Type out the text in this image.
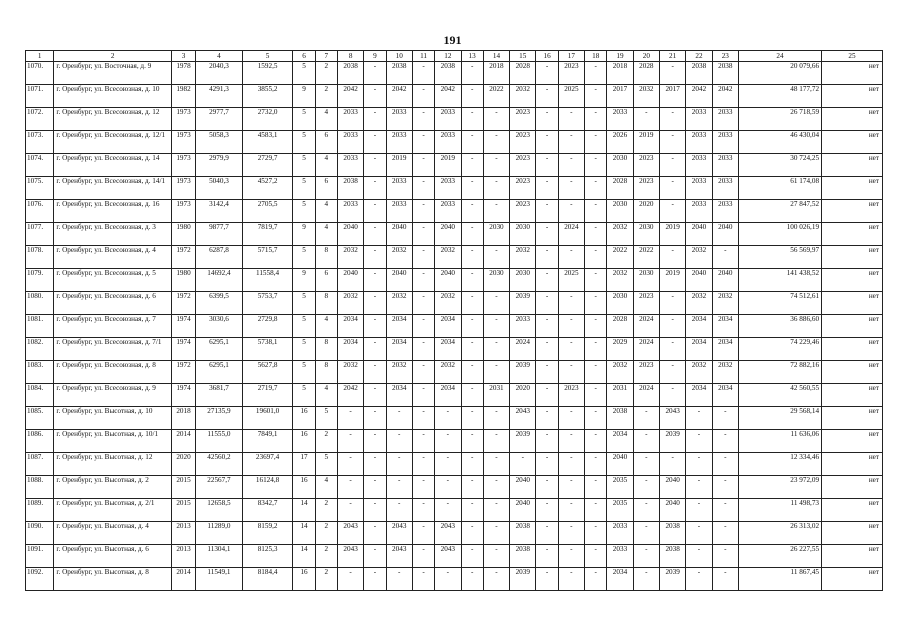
191
1	2	3	4	5	6	7	8	9	10	11	12	13	14	15	16	17	18	19	20	21	22	23	24	25
1070.	г. Оренбург, ул. Восточная, д. 9	1978	2040,3	1592,5	5	2	2038	-	2038	-	2038	-	2018	2028	-	2023	-	2018	2028	-	2038	2038	20 079,66	нет
1071.	г. Оренбург, ул. Всесоюзная, д. 10	1982	4291,3	3855,2	9	2	2042	-	2042	-	2042	-	2022	2032	-	2025	-	2017	2032	2017	2042	2042	48 177,72	нет
1072.	г. Оренбург, ул. Всесоюзная, д. 12	1973	2977,7	2732,0	5	4	2033	-	2033	-	2033	-	-	2023	-	-	-	2033	-	-	2033	2033	26 718,59	нет
1073.	г. Оренбург, ул. Всесоюзная, д. 12/1	1973	5058,3	4583,1	5	6	2033	-	2033	-	2033	-	-	2023	-	-	-	2026	2019	-	2033	2033	46 430,04	нет
1074.	г. Оренбург, ул. Всесоюзная, д. 14	1973	2979,9	2729,7	5	4	2033	-	2019	-	2019	-	-	2023	-	-	-	2030	2023	-	2033	2033	30 724,25	нет
1075.	г. Оренбург, ул. Всесоюзная, д. 14/1	1973	5040,3	4527,2	5	6	2038	-	2033	-	2033	-	-	2023	-	-	-	2028	2023	-	2033	2033	61 174,08	нет
1076.	г. Оренбург, ул. Всесоюзная, д. 16	1973	3142,4	2705,5	5	4	2033	-	2033	-	2033	-	-	2023	-	-	-	2030	2020	-	2033	2033	27 847,52	нет
1077.	г. Оренбург, ул. Всесоюзная, д. 3	1980	9877,7	7819,7	9	4	2040	-	2040	-	2040	-	2030	2030	-	2024	-	2032	2030	2019	2040	2040	100 026,19	нет
1078.	г. Оренбург, ул. Всесоюзная, д. 4	1972	6287,8	5715,7	5	8	2032	-	2032	-	2032	-	-	2032	-	-	-	2022	2022	-	2032	-	56 569,97	нет
1079.	г. Оренбург, ул. Всесоюзная, д. 5	1980	14692,4	11558,4	9	6	2040	-	2040	-	2040	-	2030	2030	-	2025	-	2032	2030	2019	2040	2040	141 438,52	нет
1080.	г. Оренбург, ул. Всесоюзная, д. 6	1972	6399,5	5753,7	5	8	2032	-	2032	-	2032	-	-	2039	-	-	-	2030	2023	-	2032	2032	74 512,61	нет
1081.	г. Оренбург, ул. Всесоюзная, д. 7	1974	3030,6	2729,8	5	4	2034	-	2034	-	2034	-	-	2033	-	-	-	2028	2024	-	2034	2034	36 886,60	нет
1082.	г. Оренбург, ул. Всесоюзная, д. 7/1	1974	6295,1	5738,1	5	8	2034	-	2034	-	2034	-	-	2024	-	-	-	2029	2024	-	2034	2034	74 229,46	нет
1083.	г. Оренбург, ул. Всесоюзная, д. 8	1972	6295,1	5627,8	5	8	2032	-	2032	-	2032	-	-	2039	-	-	-	2032	2023	-	2032	2032	72 882,16	нет
1084.	г. Оренбург, ул. Всесоюзная, д. 9	1974	3681,7	2719,7	5	4	2042	-	2034	-	2034	-	2031	2020	-	2023	-	2031	2024	-	2034	2034	42 560,55	нет
1085.	г. Оренбург, ул. Высотная, д. 10	2018	27135,9	19601,0	16	5	-	-	-	-	-	-	-	2043	-	-	-	2038	-	2043	-	-	29 568,14	нет
1086.	г. Оренбург, ул. Высотная, д. 10/1	2014	11555,0	7849,1	16	2	-	-	-	-	-	-	-	2039	-	-	-	2034	-	2039	-	-	11 636,06	нет
1087.	г. Оренбург, ул. Высотная, д. 12	2020	42560,2	23697,4	17	5	-	-	-	-	-	-	-	-	-	-	-	2040	-	-	-	-	12 334,46	нет
1088.	г. Оренбург, ул. Высотная, д. 2	2015	22567,7	16124,8	16	4	-	-	-	-	-	-	-	2040	-	-	-	2035	-	2040	-	-	23 972,09	нет
1089.	г. Оренбург, ул. Высотная, д. 2/1	2015	12658,5	8342,7	14	2	-	-	-	-	-	-	-	2040	-	-	-	2035	-	2040	-	-	11 498,73	нет
1090.	г. Оренбург, ул. Высотная, д. 4	2013	11289,0	8159,2	14	2	2043	-	2043	-	2043	-	-	2038	-	-	-	2033	-	2038	-	-	26 313,02	нет
1091.	г. Оренбург, ул. Высотная, д. 6	2013	11304,1	8125,3	14	2	2043	-	2043	-	2043	-	-	2038	-	-	-	2033	-	2038	-	-	26 227,55	нет
1092.	г. Оренбург, ул. Высотная, д. 8	2014	11549,1	8184,4	16	2	-	-	-	-	-	-	-	2039	-	-	-	2034	-	2039	-	-	11 867,45	нет
